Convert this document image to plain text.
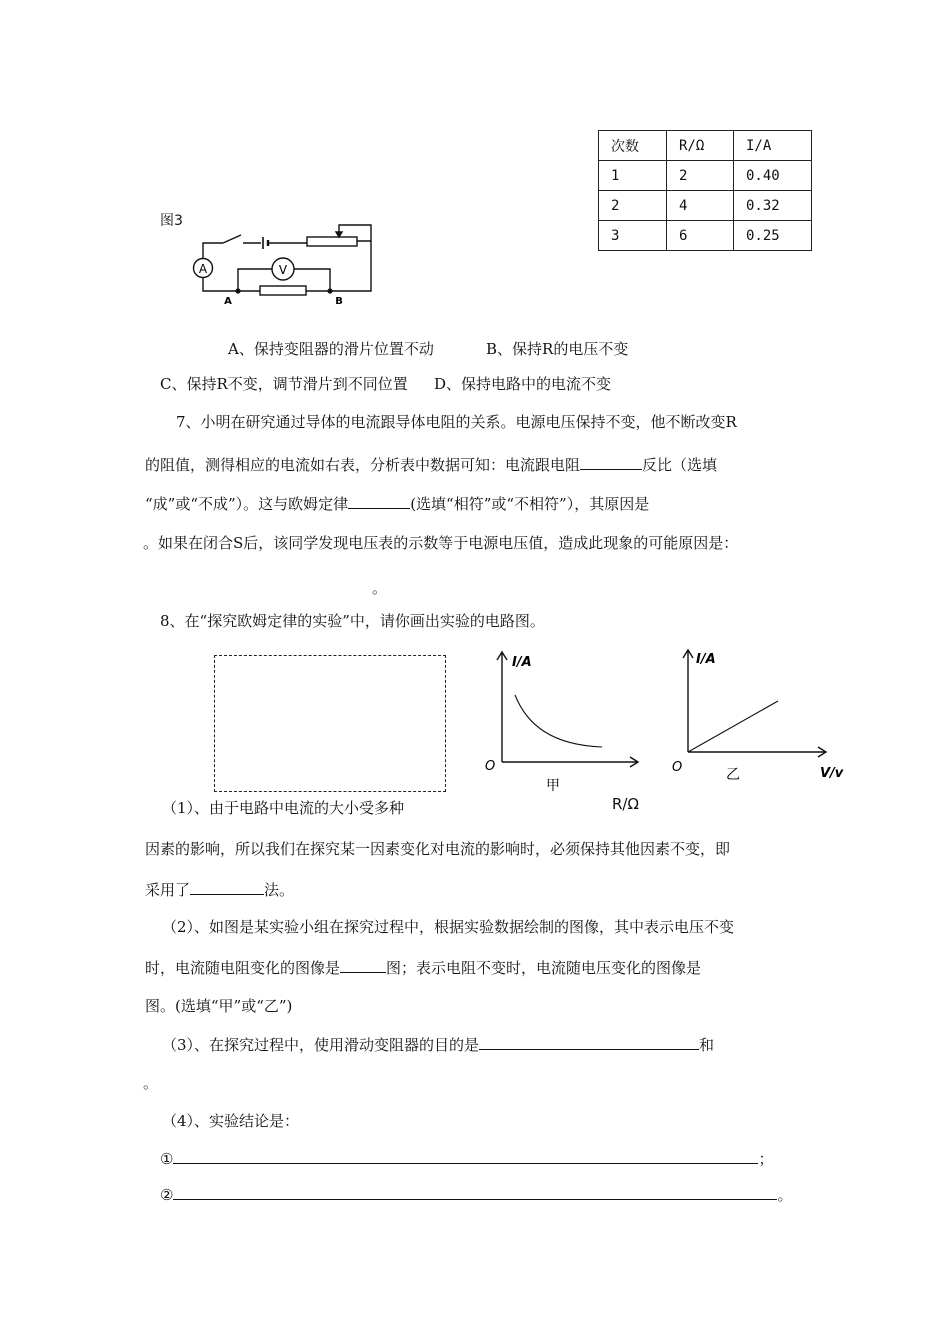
次数	R/Ω	I/A
1	2	0.40
2	4	0.32
3	6	0.25
图3
V
A
A	B
A、保持变阻器的滑片位置不动	B、保持R的电压不变
C、保持R不变，调节滑片到不同位置 D、保持电路中的电流不变
7、小明在研究通过导体的电流跟导体电阻的关系。电源电压保持不变，他不断改变R
的阻值，测得相应的电流如右表，分析表中数据可知：电流跟电阻	反比（选填
“成”或“不成”）。这与欧姆定律	(选填“相符”或“不相符”），其原因是
。如果在闭合S后，该同学发现电压表的示数等于电源电压值，造成此现象的可能原因是：
。
8、在“探究欧姆定律的实验”中，请你画出实验的电路图。
I/A
O
甲
R/Ω
I/A
O	乙	V/v
（1）、由于电路中电流的大小受多种
因素的影响，所以我们在探究某一因素变化对电流的影响时，必须保持其他因素不变，即
采用了	法。
（2）、如图是某实验小组在探究过程中，根据实验数据绘制的图像，其中表示电压不变
时，电流随电阻变化的图像是	图；表示电阻不变时，电流随电压变化的图像是
图。(选填“甲”或“乙”)
（3）、在探究过程中，使用滑动变阻器的目的是	和
。
（4）、实验结论是：
①	；
②	。
